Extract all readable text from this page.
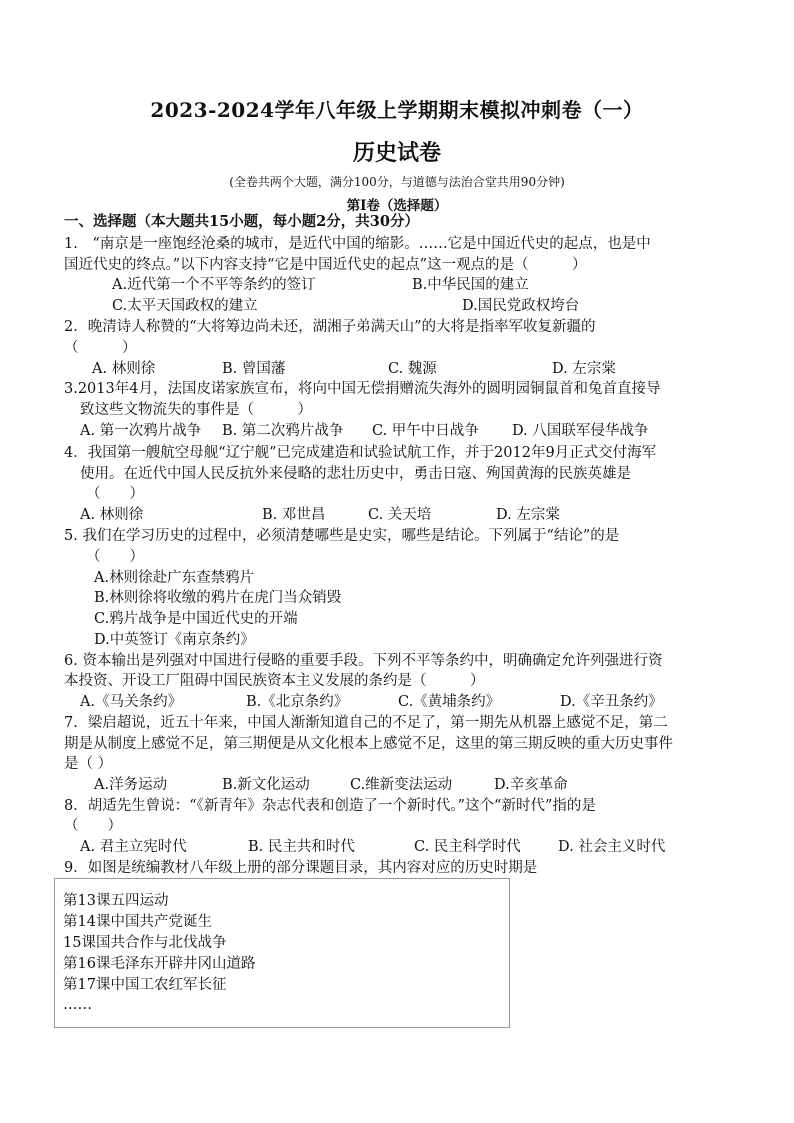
2023-2024学年八年级上学期期末模拟冲刺卷（一）
历史试卷
(全卷共两个大题，满分100分，与道德与法治合堂共用90分钟)
第Ⅰ卷（选择题）
一、选择题（本大题共15小题，每小题2分，共30分）
1.　“南京是一座饱经沧桑的城市，是近代中国的缩影。……它是中国近代史的起点，也是中
国近代史的终点。”以下内容支持“它是中国近代史的起点”这一观点的是（　　　）
A.近代第一个不平等条约的签订	B.中华民国的建立
C.太平天国政权的建立	D.国民党政权垮台
2．晚清诗人称赞的“大将筹边尚未还，湖湘子弟满天山”的大将是指率军收复新疆的
（　　　）
A. 林则徐	B. 曾国藩	C. 魏源	D. 左宗棠
3.2013年4月，法国皮诺家族宣布，将向中国无偿捐赠流失海外的圆明园铜鼠首和兔首直接导
致这些文物流失的事件是（　　　）
A. 第一次鸦片战争 B. 第二次鸦片战争 C. 甲午中日战争 D. 八国联军侵华战争
4．我国第一艘航空母舰“辽宁舰”已完成建造和试验试航工作，并于2012年9月正式交付海军
使用。在近代中国人民反抗外来侵略的悲壮历史中，勇击日寇、殉国黄海的民族英雄是
（　　）
A. 林则徐	B. 邓世昌	C. 关天培	D. 左宗棠
5. 我们在学习历史的过程中，必须清楚哪些是史实，哪些是结论。下列属于“结论”的是
（　　）
A.林则徐赴广东查禁鸦片
B.林则徐将收缴的鸦片在虎门当众销毁
C.鸦片战争是中国近代史的开端
D.中英签订《南京条约》
6. 资本输出是列强对中国进行侵略的重要手段。下列不平等条约中，明确确定允许列强进行资
本投资、开设工厂阻碍中国民族资本主义发展的条约是（　　　）
A.《马关条约》	B.《北京条约》	C.《黄埔条约》	D.《辛丑条约》
7．梁启超说，近五十年来，中国人渐渐知道自己的不足了，第一期先从机器上感觉不足，第二
期是从制度上感觉不足，第三期便是从文化根本上感觉不足，这里的第三期反映的重大历史事件
是（ ）
A.洋务运动	B.新文化运动	C.维新变法运动	D.辛亥革命
8．胡适先生曾说：“《新青年》杂志代表和创造了一个新时代。”这个“新时代”指的是
（　　）
A. 君主立宪时代	B. 民主共和时代	C. 民主科学时代	D. 社会主义时代
9．如图是统编教材八年级上册的部分课题目录，其内容对应的历史时期是
第13课五四运动
第14课中国共产党诞生
15课国共合作与北伐战争
第16课毛泽东开辟井冈山道路
第17课中国工农红军长征
……
